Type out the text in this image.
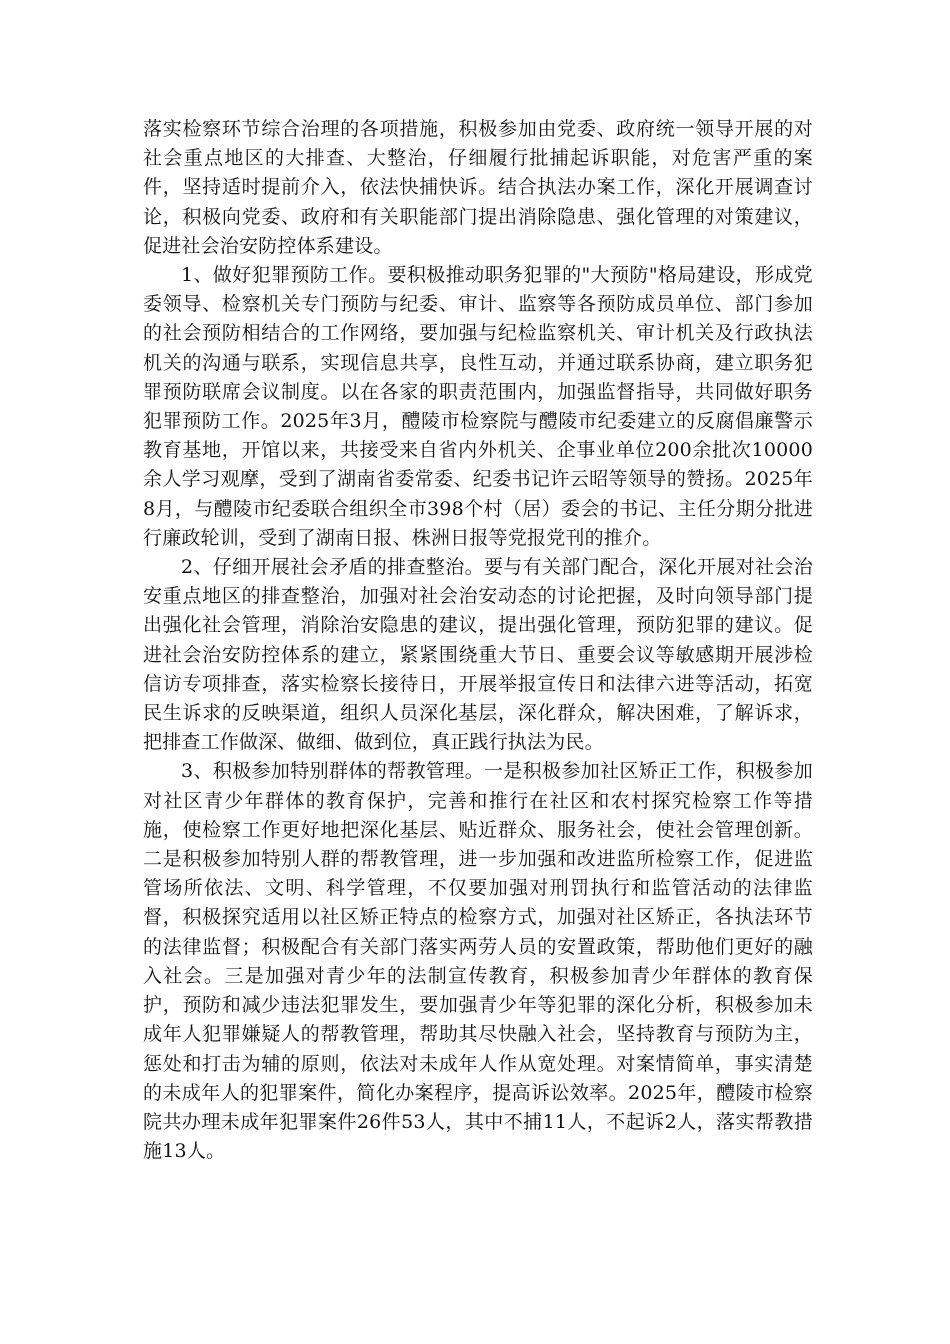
落实检察环节综合治理的各项措施，积极参加由党委、政府统一领导开展的对社会重点地区的大排查、大整治，仔细履行批捕起诉职能，对危害严重的案件，坚持适时提前介入，依法快捕快诉。结合执法办案工作，深化开展调查讨论，积极向党委、政府和有关职能部门提出消除隐患、强化管理的对策建议，促进社会治安防控体系建设。

1、做好犯罪预防工作。要积极推动职务犯罪的"大预防"格局建设，形成党委领导、检察机关专门预防与纪委、审计、监察等各预防成员单位、部门参加的社会预防相结合的工作网络，要加强与纪检监察机关、审计机关及行政执法机关的沟通与联系，实现信息共享，良性互动，并通过联系协商，建立职务犯罪预防联席会议制度。以在各家的职责范围内，加强监督指导，共同做好职务犯罪预防工作。2025年3月，醴陵市检察院与醴陵市纪委建立的反腐倡廉警示教育基地，开馆以来，共接受来自省内外机关、企事业单位200余批次10000余人学习观摩，受到了湖南省委常委、纪委书记许云昭等领导的赞扬。2025年8月，与醴陵市纪委联合组织全市398个村（居）委会的书记、主任分期分批进行廉政轮训，受到了湖南日报、株洲日报等党报党刊的推介。

2、仔细开展社会矛盾的排查整治。要与有关部门配合，深化开展对社会治安重点地区的排查整治，加强对社会治安动态的讨论把握，及时向领导部门提出强化社会管理，消除治安隐患的建议，提出强化管理，预防犯罪的建议。促进社会治安防控体系的建立，紧紧围绕重大节日、重要会议等敏感期开展涉检信访专项排查，落实检察长接待日，开展举报宣传日和法律六进等活动，拓宽民生诉求的反映渠道，组织人员深化基层，深化群众，解决困难，了解诉求，把排查工作做深、做细、做到位，真正践行执法为民。

3、积极参加特别群体的帮教管理。一是积极参加社区矫正工作，积极参加对社区青少年群体的教育保护，完善和推行在社区和农村探究检察工作等措施，使检察工作更好地把深化基层、贴近群众、服务社会，使社会管理创新。二是积极参加特别人群的帮教管理，进一步加强和改进监所检察工作，促进监管场所依法、文明、科学管理，不仅要加强对刑罚执行和监管活动的法律监督，积极探究适用以社区矫正特点的检察方式，加强对社区矫正，各执法环节的法律监督；积极配合有关部门落实两劳人员的安置政策，帮助他们更好的融入社会。三是加强对青少年的法制宣传教育，积极参加青少年群体的教育保护，预防和减少违法犯罪发生，要加强青少年等犯罪的深化分析，积极参加未成年人犯罪嫌疑人的帮教管理，帮助其尽快融入社会，坚持教育与预防为主，惩处和打击为辅的原则，依法对未成年人作从宽处理。对案情简单，事实清楚的未成年人的犯罪案件，简化办案程序，提高诉讼效率。2025年，醴陵市检察院共办理未成年犯罪案件26件53人，其中不捕11人，不起诉2人，落实帮教措施13人。
